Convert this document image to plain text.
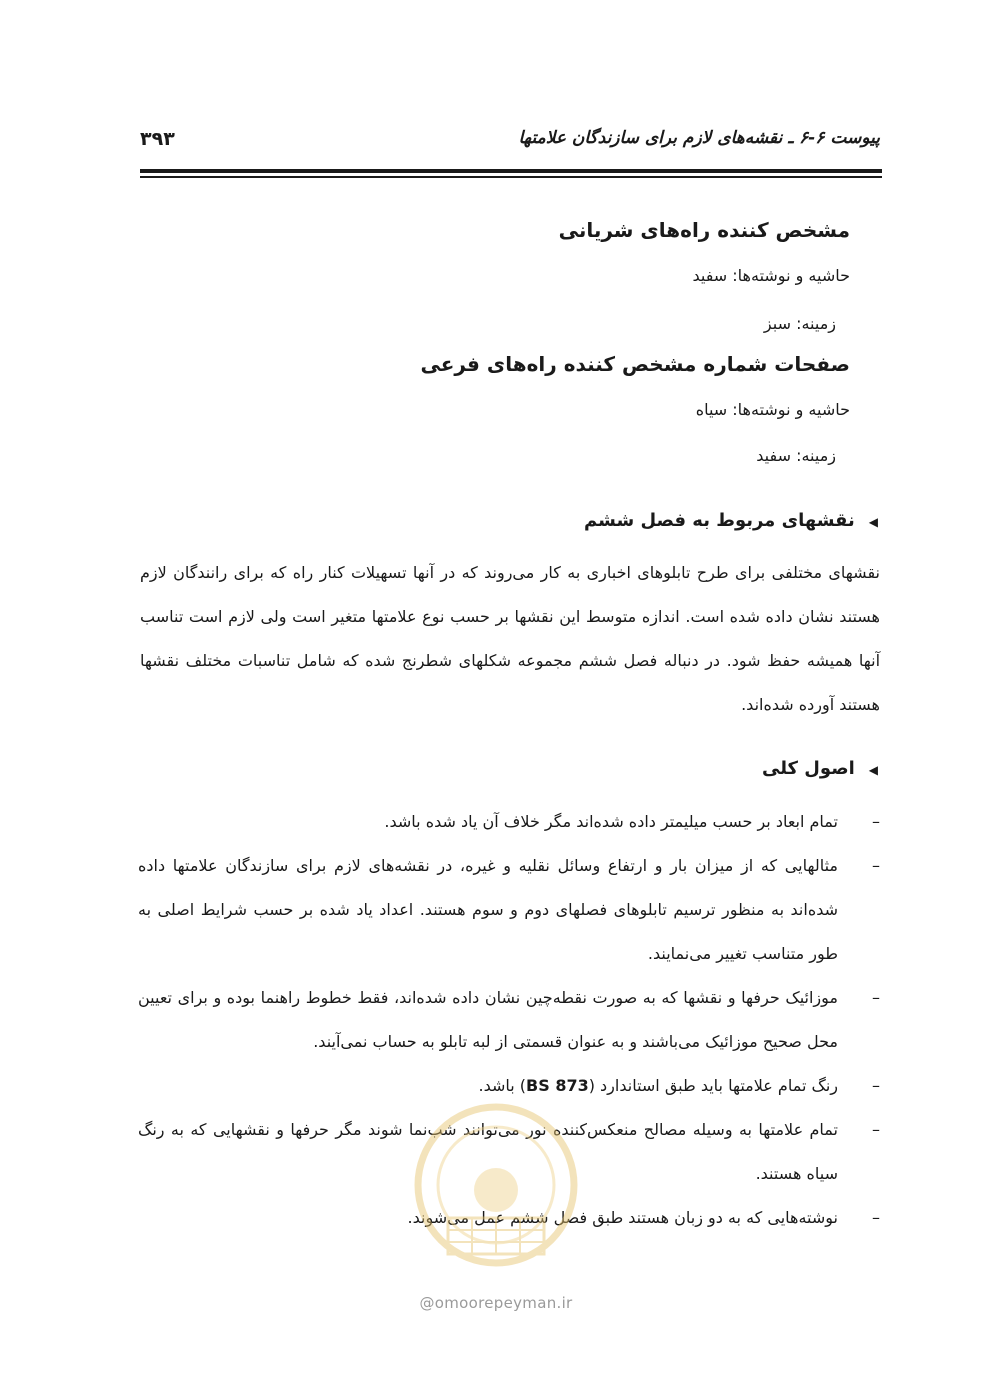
پیوست ۶-۶ ـ نقشه‌های لازم برای سازندگان علامتها
۳۹۳
مشخص کننده راه‌های شریانی
حاشیه و نوشته‌ها: سفید
زمینه: سبز
صفحات شماره مشخص کننده راه‌های فرعی
حاشیه و نوشته‌ها: سیاه
زمینه: سفید
◀نقشهای مربوط به فصل ششم
نقشهای مختلفی برای طرح تابلوهای اخباری به کار می‌روند که در آنها تسهیلات کنار راه که برای رانندگان لازم هستند نشان داده شده است. اندازه متوسط این نقشها بر حسب نوع علامتها متغیر است ولی لازم است تناسب آنها همیشه حفظ شود. در دنباله فصل ششم مجموعه شکلهای شطرنج شده که شامل تناسبات مختلف نقشها هستند آورده شده‌اند.
◀اصول کلی
–
تمام ابعاد بر حسب میلیمتر داده شده‌اند مگر خلاف آن یاد شده باشد.
–
مثالهایی که از میزان بار و ارتفاع وسائل نقلیه و غیره، در نقشه‌های لازم برای سازندگان علامتها داده شده‌اند به منظور ترسیم تابلوهای فصلهای دوم و سوم هستند. اعداد یاد شده بر حسب شرایط اصلی به طور متناسب تغییر می‌نمایند.
–
موزائیک حرفها و نقشها که به صورت نقطه‌چین نشان داده شده‌اند، فقط خطوط راهنما بوده و برای تعیین محل صحیح موزائیک می‌باشند و به عنوان قسمتی از لبه تابلو به حساب نمی‌آیند.
–
رنگ تمام علامتها باید طبق استاندارد (BS 873) باشد.
–
تمام علامتها به وسیله مصالح منعکس‌کننده نور می‌توانند شب‌نما شوند مگر حرفها و نقشهایی که به رنگ سیاه هستند.
–
نوشته‌هایی که به دو زبان هستند طبق فصل ششم عمل می‌شوند.
@omoorepeyman.ir
